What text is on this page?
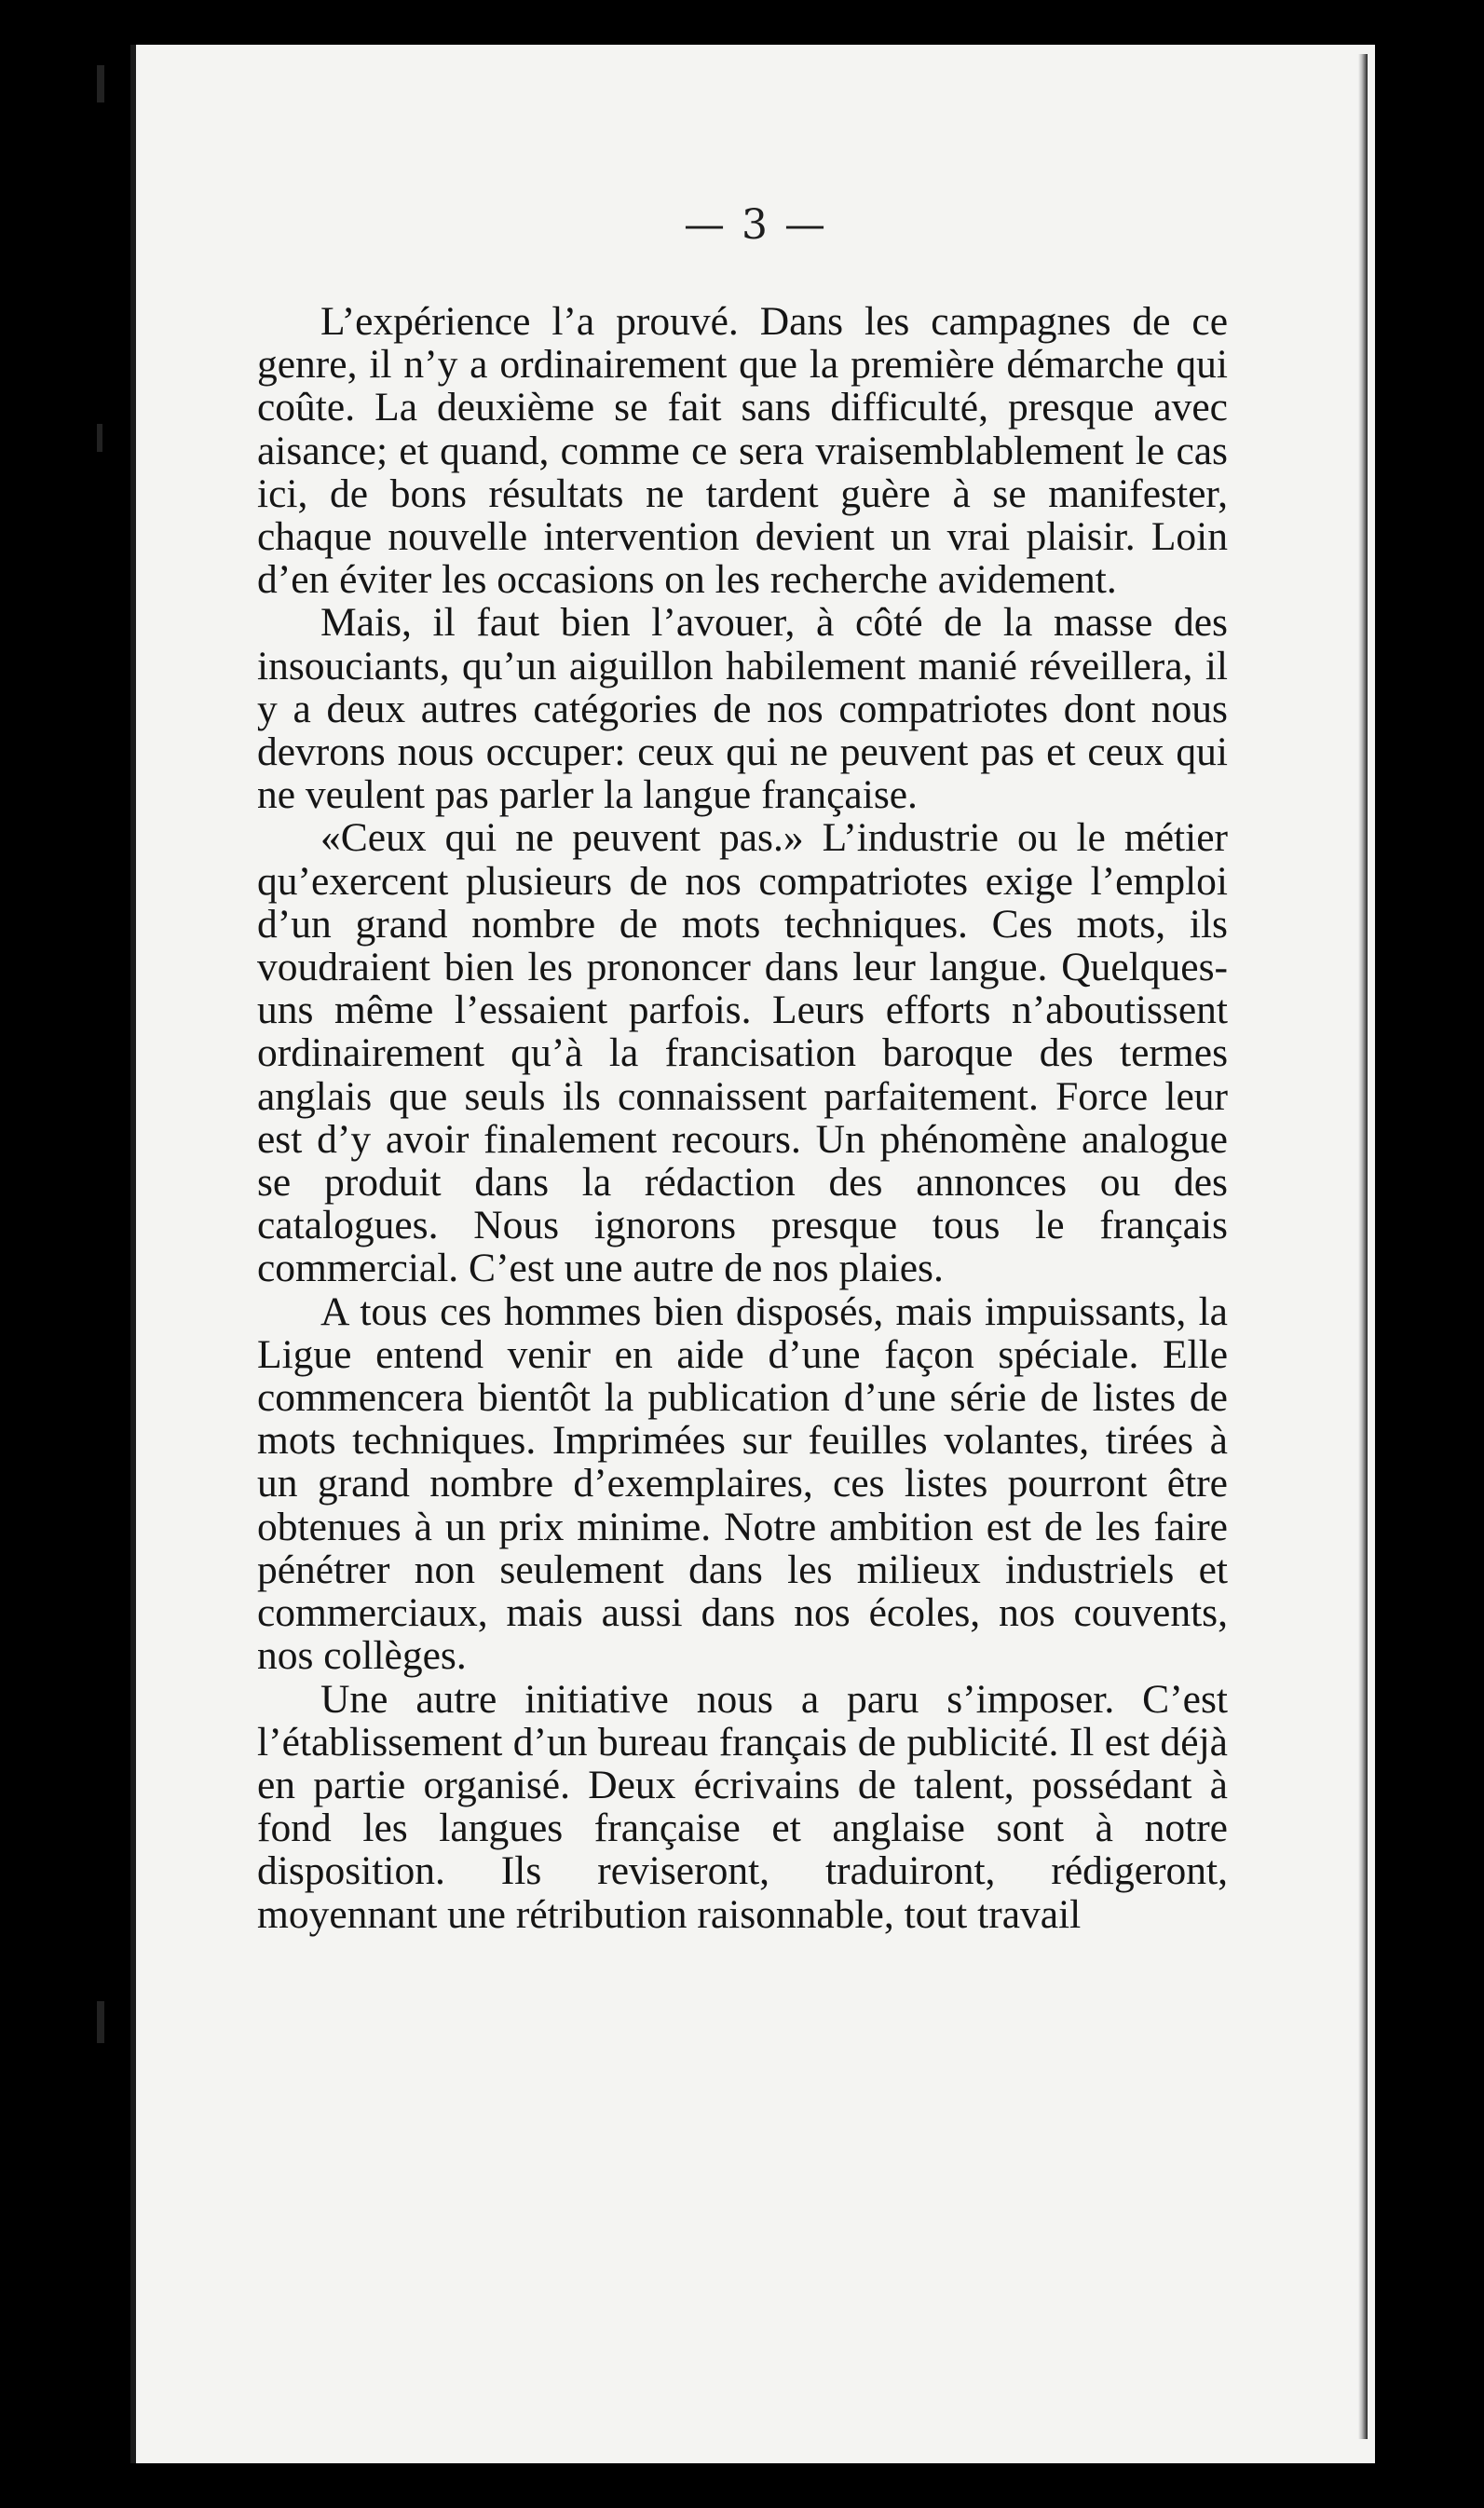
— 3 —

L’expérience l’a prouvé. Dans les campagnes de ce genre, il n’y a ordinairement que la première démarche qui coûte. La deuxième se fait sans difficulté, presque avec aisance; et quand, comme ce sera vraisemblablement le cas ici, de bons résultats ne tardent guère à se manifester, chaque nouvelle intervention devient un vrai plaisir. Loin d’en éviter les occasions on les recherche avidement.

Mais, il faut bien l’avouer, à côté de la masse des insouciants, qu’un aiguillon habilement manié réveillera, il y a deux autres catégories de nos compatriotes dont nous devrons nous occuper: ceux qui ne peuvent pas et ceux qui ne veulent pas parler la langue française.

«Ceux qui ne peuvent pas.» L’industrie ou le métier qu’exercent plusieurs de nos compatriotes exige l’emploi d’un grand nombre de mots techniques. Ces mots, ils voudraient bien les prononcer dans leur langue. Quelques-uns même l’essaient parfois. Leurs efforts n’aboutissent ordinairement qu’à la francisation baroque des termes anglais que seuls ils connaissent parfaitement. Force leur est d’y avoir finalement recours. Un phénomène analogue se produit dans la rédaction des annonces ou des catalogues. Nous ignorons presque tous le français commercial. C’est une autre de nos plaies.

A tous ces hommes bien disposés, mais impuissants, la Ligue entend venir en aide d’une façon spéciale. Elle commencera bientôt la publication d’une série de listes de mots techniques. Imprimées sur feuilles volantes, tirées à un grand nombre d’exemplaires, ces listes pourront être obtenues à un prix minime. Notre ambition est de les faire pénétrer non seulement dans les milieux industriels et commerciaux, mais aussi dans nos écoles, nos couvents, nos collèges.

Une autre initiative nous a paru s’imposer. C’est l’établissement d’un bureau français de publicité. Il est déjà en partie organisé. Deux écrivains de talent, possédant à fond les langues française et anglaise sont à notre disposition. Ils reviseront, traduiront, rédigeront, moyennant une rétribution raisonnable, tout travail
